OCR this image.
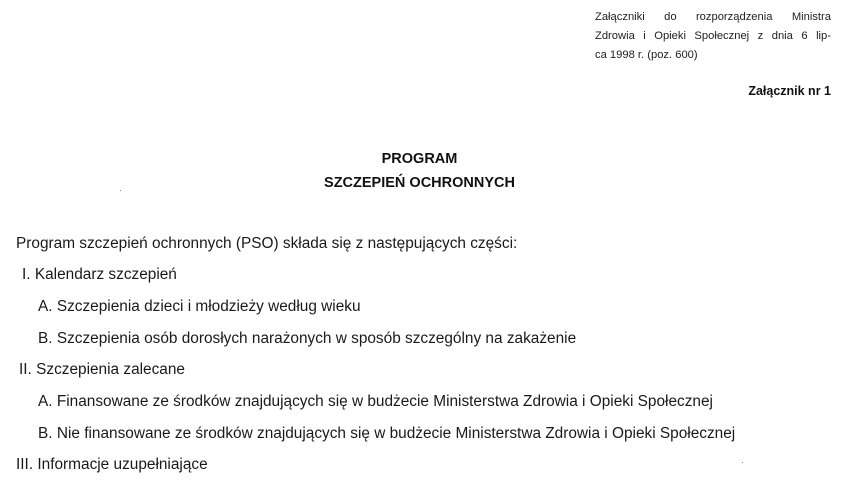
Załączniki do rozporządzenia Ministra
Zdrowia i Opieki Społecznej z dnia 6 lip-
ca 1998 r. (poz. 600)
Załącznik nr 1
PROGRAM
SZCZEPIEŃ OCHRONNYCH
Program szczepień ochronnych (PSO) składa się z następujących części:
I. Kalendarz szczepień
A. Szczepienia dzieci i młodzieży według wieku
B. Szczepienia osób dorosłych narażonych w sposób szczególny na zakażenie
II. Szczepienia zalecane
A. Finansowane ze środków znajdujących się w budżecie Ministerstwa Zdrowia i Opieki Społecznej
B. Nie finansowane ze środków znajdujących się w budżecie Ministerstwa Zdrowia i Opieki Społecznej
III. Informacje uzupełniające
